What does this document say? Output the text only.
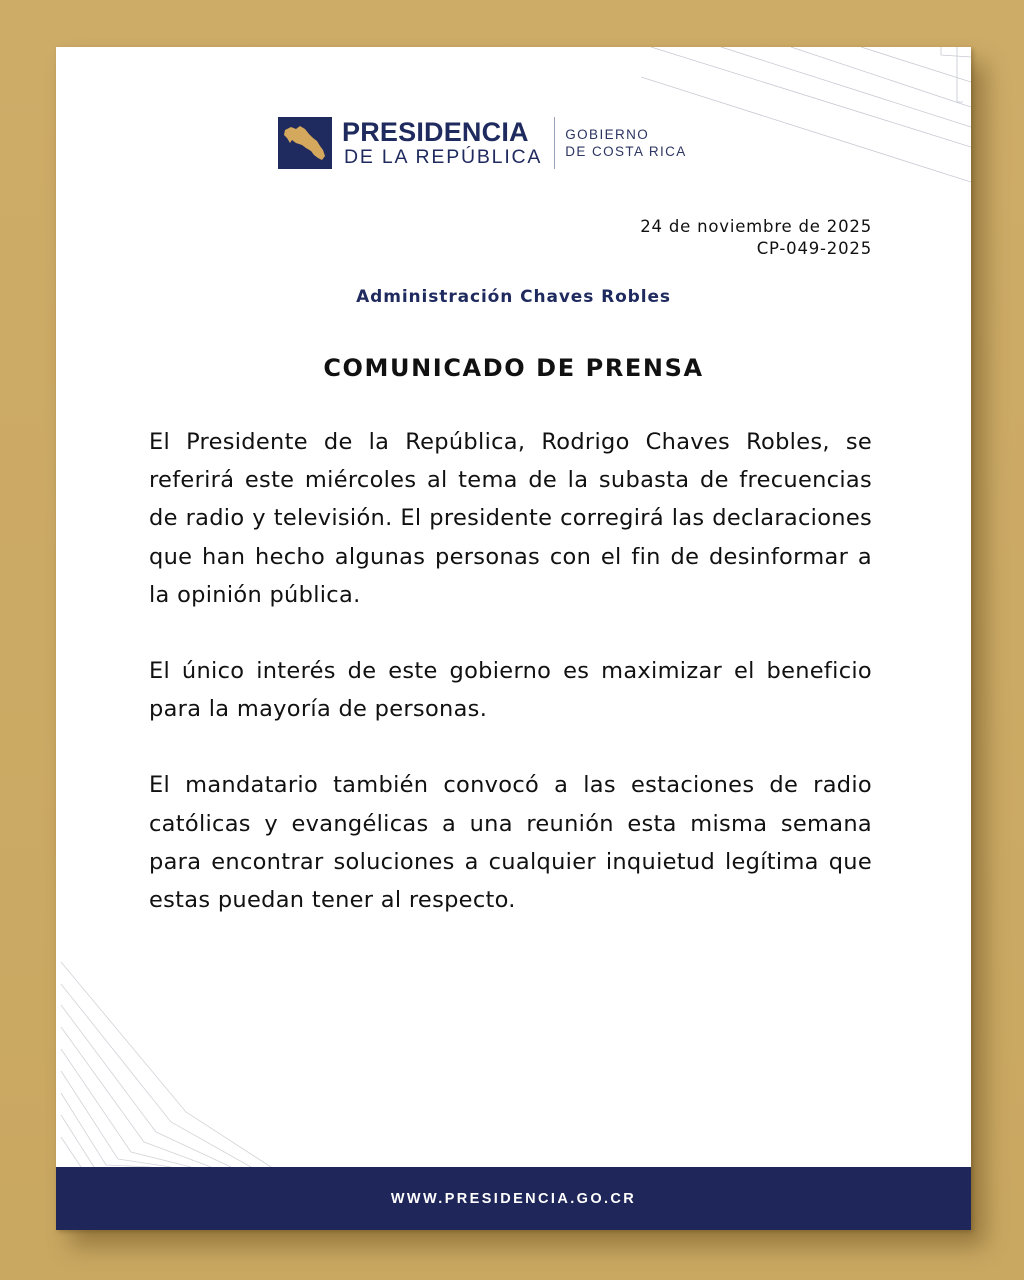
PRESIDENCIA
DE LA REPÚBLICA
GOBIERNO
DE COSTA RICA
24 de noviembre de 2025
CP-049-2025
Administración Chaves Robles
COMUNICADO DE PRENSA

El Presidente de la República, Rodrigo Chaves Robles, se referirá este miércoles al tema de la subasta de frecuencias de radio y televisión. El presidente corregirá las declaraciones que han hecho algunas personas con el fin de desinformar a la opinión pública.

El único interés de este gobierno es maximizar el beneficio para la mayoría de personas.

El mandatario también convocó a las estaciones de radio católicas y evangélicas a una reunión esta misma semana para encontrar soluciones a cualquier inquietud legítima que estas puedan tener al respecto.

WWW.PRESIDENCIA.GO.CR
